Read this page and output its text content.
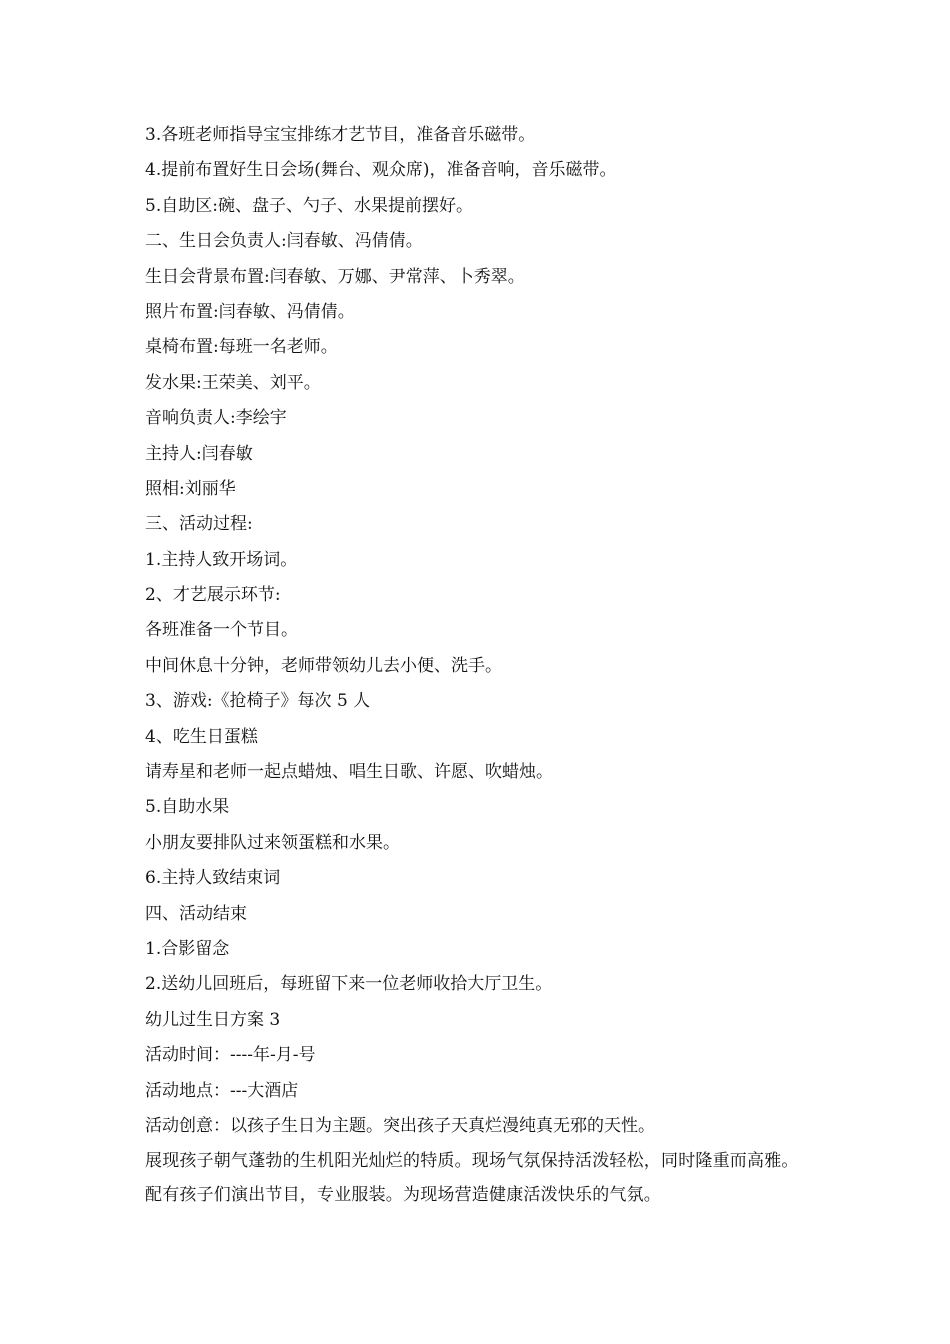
3.各班老师指导宝宝排练才艺节目，准备音乐磁带。
4.提前布置好生日会场(舞台、观众席)，准备音响，音乐磁带。
5.自助区:碗、盘子、勺子、水果提前摆好。
二、生日会负责人:闫春敏、冯倩倩。
生日会背景布置:闫春敏、万娜、尹常萍、卜秀翠。
照片布置:闫春敏、冯倩倩。
桌椅布置:每班一名老师。
发水果:王荣美、刘平。
音响负责人:李绘宇
主持人:闫春敏
照相:刘丽华
三、活动过程:
1.主持人致开场词。
2、才艺展示环节:
各班准备一个节目。
中间休息十分钟，老师带领幼儿去小便、洗手。
3、游戏:《抢椅子》每次 5 人
4、吃生日蛋糕
请寿星和老师一起点蜡烛、唱生日歌、许愿、吹蜡烛。
5.自助水果
小朋友要排队过来领蛋糕和水果。
6.主持人致结束词
四、活动结束
1.合影留念
2.送幼儿回班后，每班留下来一位老师收拾大厅卫生。
幼儿过生日方案 3
活动时间：----年-月-号
活动地点：---大酒店
活动创意：以孩子生日为主题。突出孩子天真烂漫纯真无邪的天性。
展现孩子朝气蓬勃的生机阳光灿烂的特质。现场气氛保持活泼轻松，同时隆重而高雅。配有孩子们演出节目，专业服装。为现场营造健康活泼快乐的气氛。
